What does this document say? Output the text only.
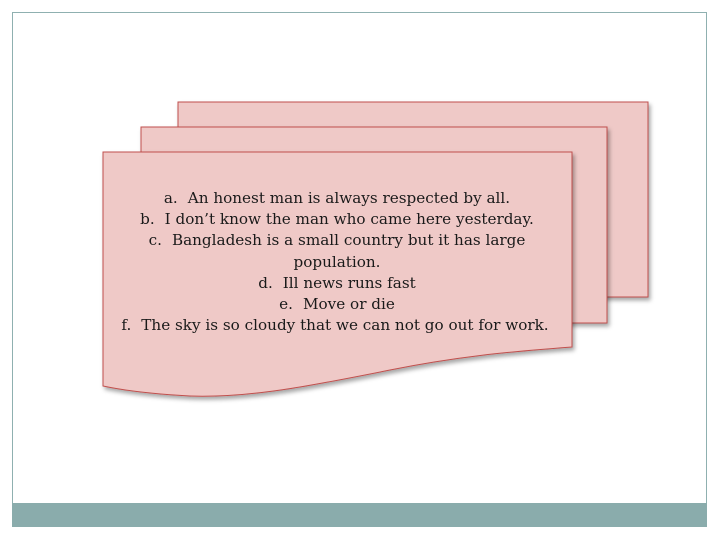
a. An honest man is always respected by all.
b. I don’t know the man who came here yesterday.
c. Bangladesh is a small country but it has large population.
d. Ill news runs fast
e. Move or die
f. The sky is so cloudy that we can not go out for work.
